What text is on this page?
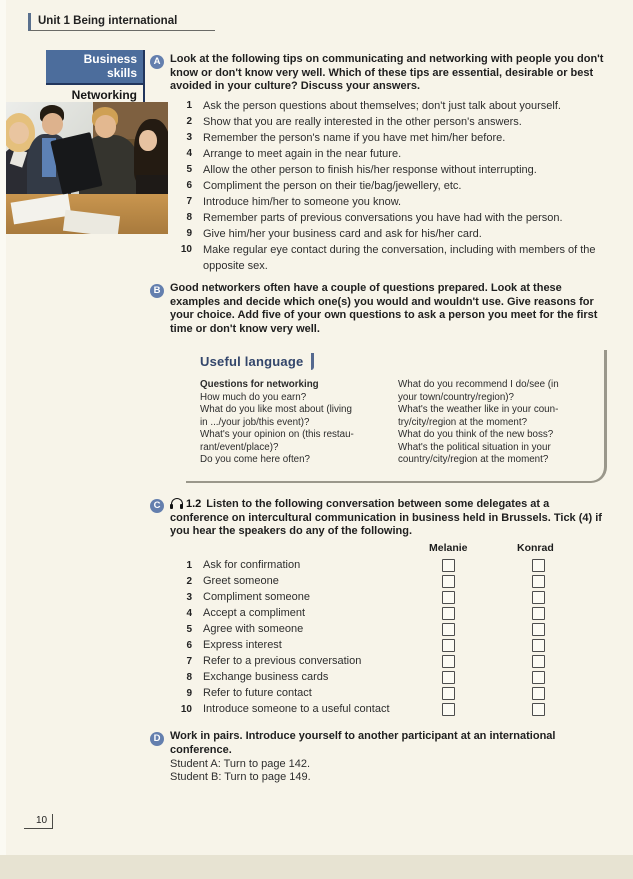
Unit 1 Being international
Business skills
Networking
A Look at the following tips on communicating and networking with people you don't know or don't know very well. Which of these tips are essential, desirable or best avoided in your culture? Discuss your answers.
1 Ask the person questions about themselves; don't just talk about yourself.
2 Show that you are really interested in the other person's answers.
3 Remember the person's name if you have met him/her before.
4 Arrange to meet again in the near future.
5 Allow the other person to finish his/her response without interrupting.
6 Compliment the person on their tie/bag/jewellery, etc.
7 Introduce him/her to someone you know.
8 Remember parts of previous conversations you have had with the person.
9 Give him/her your business card and ask for his/her card.
10 Make regular eye contact during the conversation, including with members of the opposite sex.
B Good networkers often have a couple of questions prepared. Look at these examples and decide which one(s) you would and wouldn't use. Give reasons for your choice. Add five of your own questions to ask a person you meet for the first time or don't know very well.
Useful language
Questions for networking
How much do you earn?
What do you like most about (living
in .../your job/this event)?
What's your opinion on (this restau-
rant/event/place)?
Do you come here often?
What do you recommend I do/see (in
your town/country/region)?
What's the weather like in your coun-
try/city/region at the moment?
What do you think of the new boss?
What's the political situation in your
country/city/region at the moment?
C	1.2 Listen to the following conversation between some delegates at a conference on intercultural communication in business held in Brussels. Tick (4) if you hear the speakers do any of the following.
Melanie	Konrad
1 Ask for confirmation
2 Greet someone
3 Compliment someone
4 Accept a compliment
5 Agree with someone
6 Express interest
7 Refer to a previous conversation
8 Exchange business cards
9 Refer to future contact
10 Introduce someone to a useful contact
D Work in pairs. Introduce yourself to another participant at an international conference.
Student A: Turn to page 142.
Student B: Turn to page 149.
10
